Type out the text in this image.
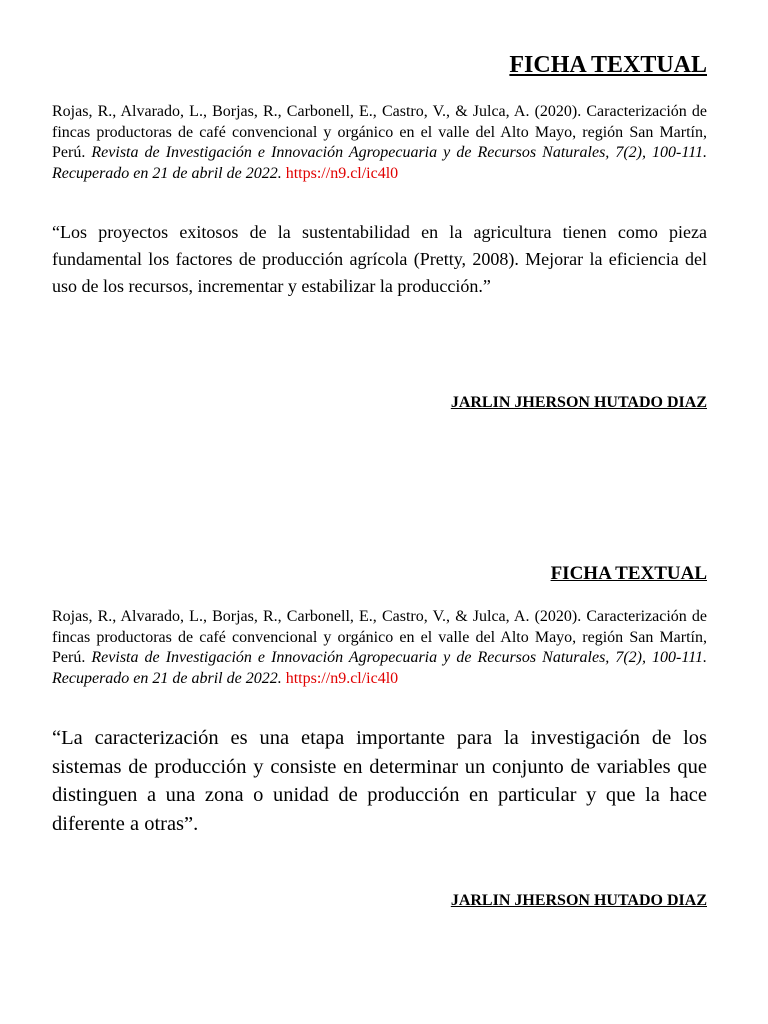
FICHA TEXTUAL

Rojas, R., Alvarado, L., Borjas, R., Carbonell, E., Castro, V., & Julca, A. (2020). Caracterización de fincas productoras de café convencional y orgánico en el valle del Alto Mayo, región San Martín, Perú. Revista de Investigación e Innovación Agropecuaria y de Recursos Naturales, 7(2), 100-111. Recuperado en 21 de abril de 2022. https://n9.cl/ic4l0

“Los proyectos exitosos de la sustentabilidad en la agricultura tienen como pieza fundamental los factores de producción agrícola (Pretty, 2008). Mejorar la eficiencia del uso de los recursos, incrementar y estabilizar la producción.”

JARLIN JHERSON HUTADO DIAZ

FICHA TEXTUAL

Rojas, R., Alvarado, L., Borjas, R., Carbonell, E., Castro, V., & Julca, A. (2020). Caracterización de fincas productoras de café convencional y orgánico en el valle del Alto Mayo, región San Martín, Perú. Revista de Investigación e Innovación Agropecuaria y de Recursos Naturales, 7(2), 100-111. Recuperado en 21 de abril de 2022. https://n9.cl/ic4l0

“La caracterización es una etapa importante para la investigación de los sistemas de producción y consiste en determinar un conjunto de variables que distinguen a una zona o unidad de producción en particular y que la hace diferente a otras”.

JARLIN JHERSON HUTADO DIAZ
